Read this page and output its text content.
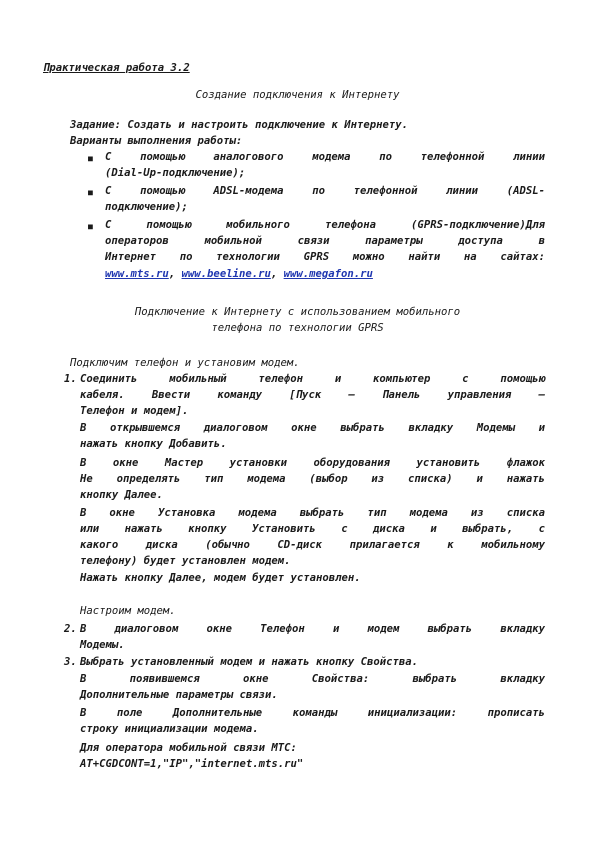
Практическая работа 3.2
Создание подключения к Интернету
Задание: Создать и настроить подключение к Интернету.
Варианты выполнения работы:
■ С помощью аналогового модема по телефонной линии
(Dial-Up-подключение);
■ С помощью ADSL-модема по телефонной линии (ADSL-
подключение);
■ С помощью мобильного телефона (GPRS-подключение)Для
операторов мобильной связи параметры доступа в
Интернет по технологии GPRS можно найти на сайтах:
www.mts.ru, www.beeline.ru, www.megafon.ru
Подключение к Интернету с использованием мобильного
телефона по технологии GPRS
Подключим телефон и установим модем.
1. Соединить мобильный телефон и компьютер с помощью
кабеля. Ввести команду [Пуск – Панель управления –
Телефон и модем].
В открывшемся диалоговом окне выбрать вкладку Модемы и
нажать кнопку Добавить.
В окне Мастер установки оборудования установить флажок
Не определять тип модема (выбор из списка) и нажать
кнопку Далее.
В окне Установка модема выбрать тип модема из списка
или нажать кнопку Установить с диска и выбрать, с
какого диска (обычно CD-диск прилагается к мобильному
телефону) будет установлен модем.
Нажать кнопку Далее, модем будет установлен.
Настроим модем.
2. В диалоговом окне Телефон и модем выбрать вкладку
Модемы.
3. Выбрать установленный модем и нажать кнопку Свойства.
В появившемся окне Свойства: выбрать вкладку
Дополнительные параметры связи.
В поле Дополнительные команды инициализации: прописать
строку инициализации модема.
Для оператора мобильной связи МТС:
AT+CGDCONT=1,"IP","internet.mts.ru"
